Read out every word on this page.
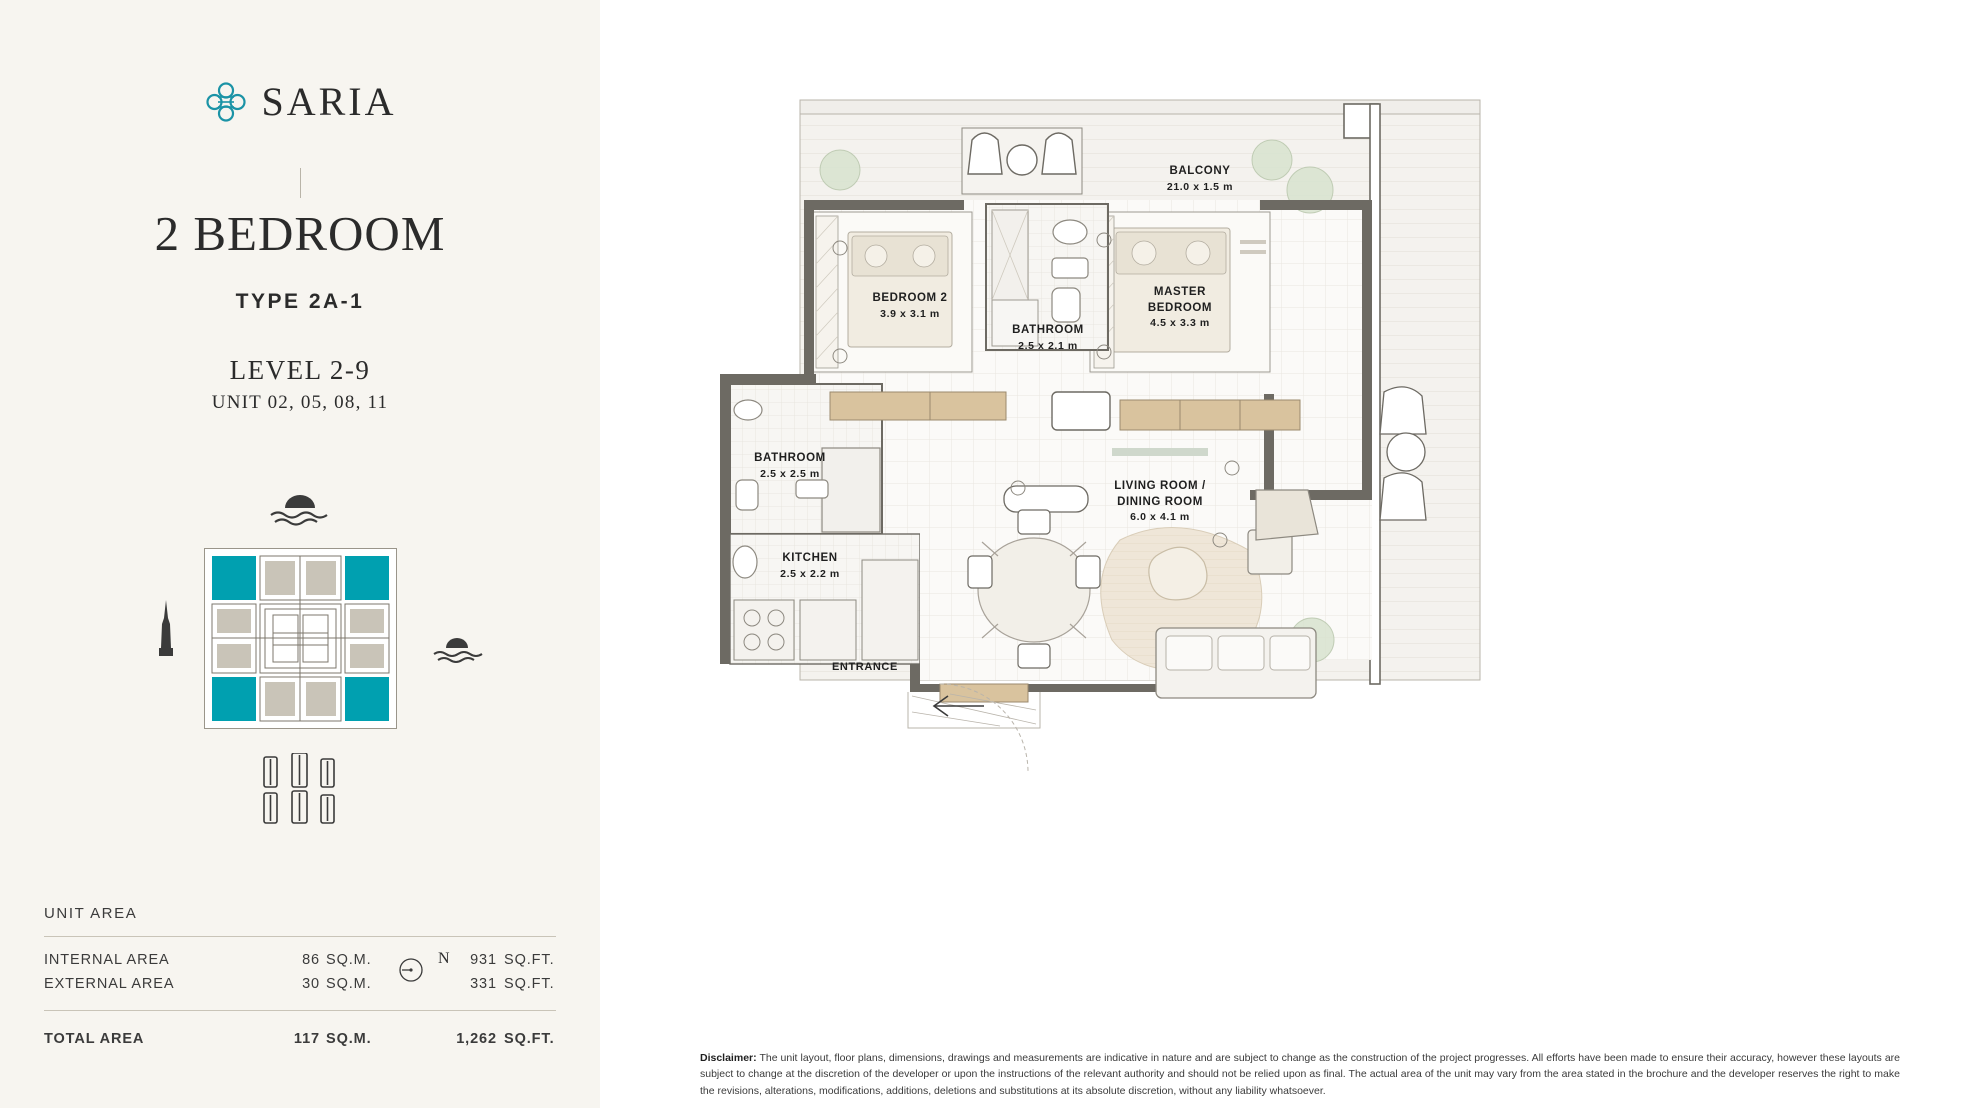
SARIA
2 BEDROOM
TYPE 2A-1
LEVEL 2-9
UNIT 02, 05, 08, 11
N
UNIT AREA
INTERNAL AREA	86 SQ.M.	931 SQ.FT.
EXTERNAL AREA	30 SQ.M.	331 SQ.FT.
TOTAL AREA	117 SQ.M.	1,262 SQ.FT.
BALCONY
21.0 x 1.5 m
BEDROOM 2
3.9 x 3.1 m
BATHROOM
2.5 x 2.1 m
MASTER
BEDROOM
4.5 x 3.3 m
BATHROOM
2.5 x 2.5 m
LIVING ROOM /
DINING ROOM
6.0 x 4.1 m
KITCHEN
2.5 x 2.2 m
ENTRANCE
Disclaimer: The unit layout, floor plans, dimensions, drawings and measurements are indicative in nature and are subject to change as the construction of the project progresses. All efforts have been made to ensure their accuracy, however these layouts are subject to change at the discretion of the developer or upon the instructions of the relevant authority and should not be relied upon as final. The actual area of the unit may vary from the area stated in the brochure and the developer reserves the right to make the revisions, alterations, modifications, additions, deletions and substitutions at its absolute discretion, without any liability whatsoever.
